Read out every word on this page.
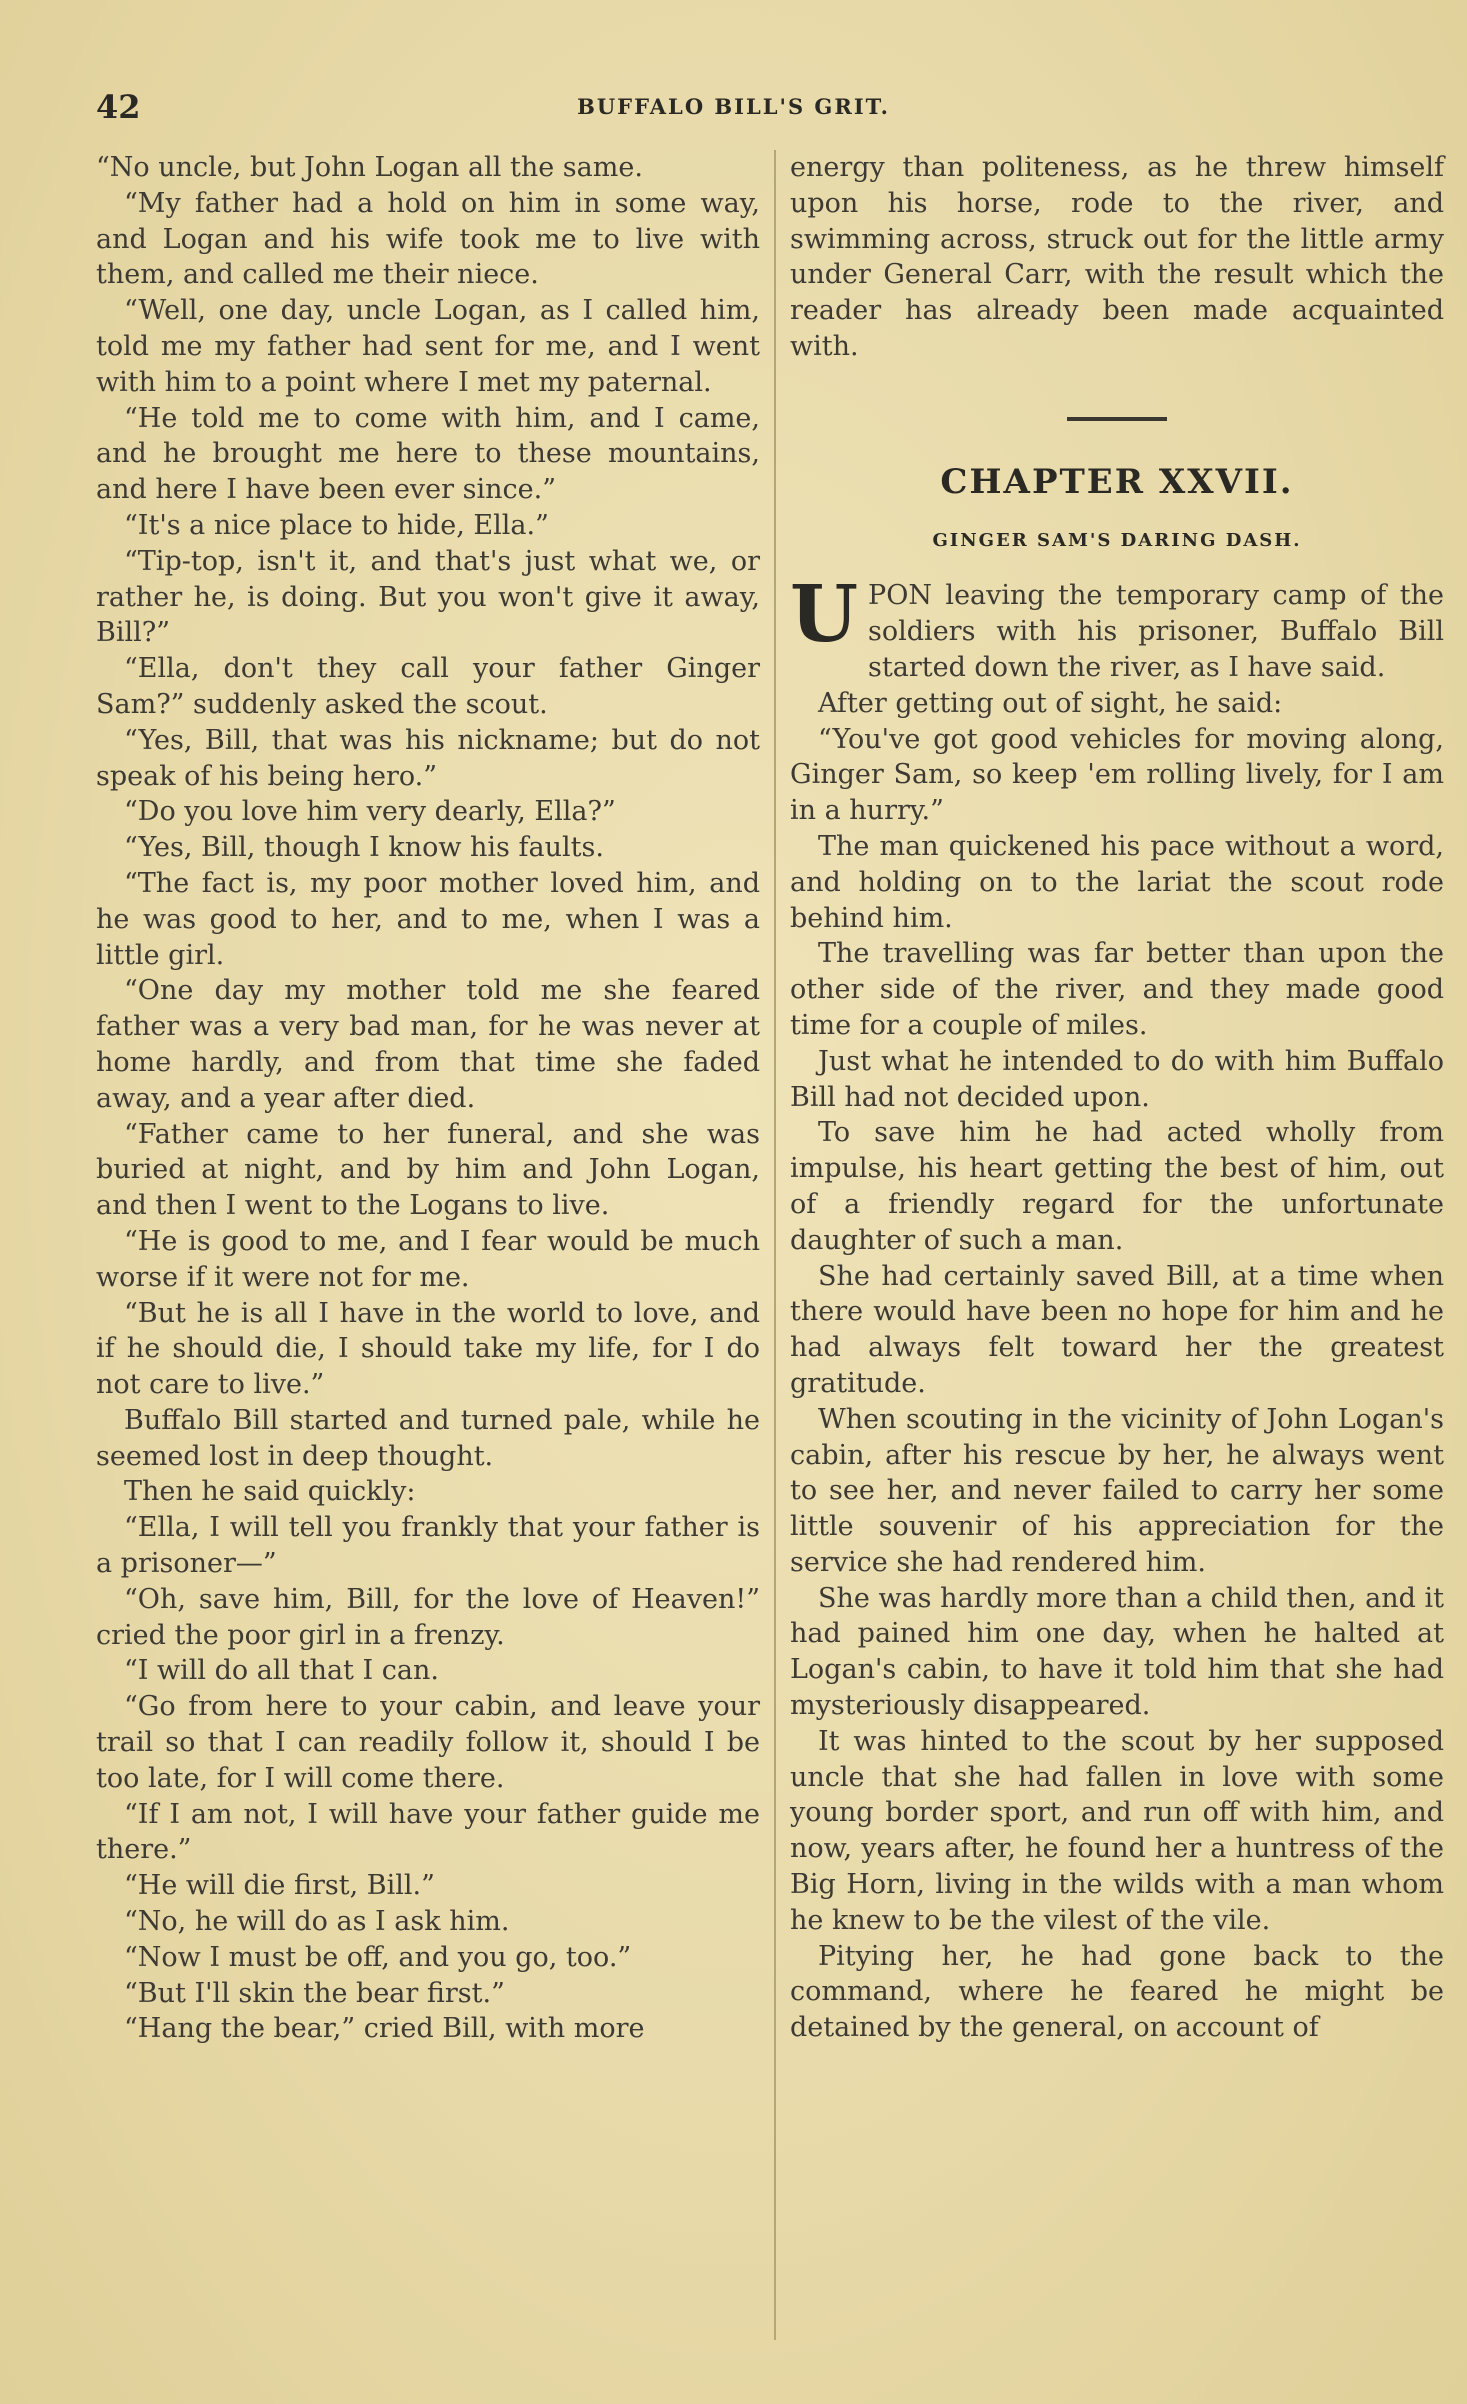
42	BUFFALO BILL'S GRIT.

“No uncle, but John Logan all the same.

“My father had a hold on him in some way, and Logan and his wife took me to live with them, and called me their niece.

“Well, one day, uncle Logan, as I called him, told me my father had sent for me, and I went with him to a point where I met my paternal.

“He told me to come with him, and I came, and he brought me here to these mountains, and here I have been ever since.”

“It's a nice place to hide, Ella.”

“Tip-top, isn't it, and that's just what we, or rather he, is doing. But you won't give it away, Bill?”

“Ella, don't they call your father Ginger Sam?” suddenly asked the scout.

“Yes, Bill, that was his nickname; but do not speak of his being hero.”

“Do you love him very dearly, Ella?”

“Yes, Bill, though I know his faults.

“The fact is, my poor mother loved him, and he was good to her, and to me, when I was a little girl.

“One day my mother told me she feared father was a very bad man, for he was never at home hardly, and from that time she faded away, and a year after died.

“Father came to her funeral, and she was buried at night, and by him and John Logan, and then I went to the Logans to live.

“He is good to me, and I fear would be much worse if it were not for me.

“But he is all I have in the world to love, and if he should die, I should take my life, for I do not care to live.”

Buffalo Bill started and turned pale, while he seemed lost in deep thought.

Then he said quickly:

“Ella, I will tell you frankly that your father is a prisoner—”

“Oh, save him, Bill, for the love of Heaven!” cried the poor girl in a frenzy.

“I will do all that I can.

“Go from here to your cabin, and leave your trail so that I can readily follow it, should I be too late, for I will come there.

“If I am not, I will have your father guide me there.”

“He will die first, Bill.”

“No, he will do as I ask him.

“Now I must be off, and you go, too.”

“But I'll skin the bear first.”

“Hang the bear,” cried Bill, with more

energy than politeness, as he threw himself upon his horse, rode to the river, and swimming across, struck out for the little army under General Carr, with the result which the reader has already been made acquainted with.

CHAPTER XXVII.
GINGER SAM'S DARING DASH.

UPON leaving the temporary camp of the soldiers with his prisoner, Buffalo Bill started down the river, as I have said.

After getting out of sight, he said:

“You've got good vehicles for moving along, Ginger Sam, so keep 'em rolling lively, for I am in a hurry.”

The man quickened his pace without a word, and holding on to the lariat the scout rode behind him.

The travelling was far better than upon the other side of the river, and they made good time for a couple of miles.

Just what he intended to do with him Buffalo Bill had not decided upon.

To save him he had acted wholly from impulse, his heart getting the best of him, out of a friendly regard for the unfortunate daughter of such a man.

She had certainly saved Bill, at a time when there would have been no hope for him and he had always felt toward her the greatest gratitude.

When scouting in the vicinity of John Logan's cabin, after his rescue by her, he always went to see her, and never failed to carry her some little souvenir of his appreciation for the service she had rendered him.

She was hardly more than a child then, and it had pained him one day, when he halted at Logan's cabin, to have it told him that she had mysteriously disappeared.

It was hinted to the scout by her supposed uncle that she had fallen in love with some young border sport, and run off with him, and now, years after, he found her a huntress of the Big Horn, living in the wilds with a man whom he knew to be the vilest of the vile.

Pitying her, he had gone back to the command, where he feared he might be detained by the general, on account of
